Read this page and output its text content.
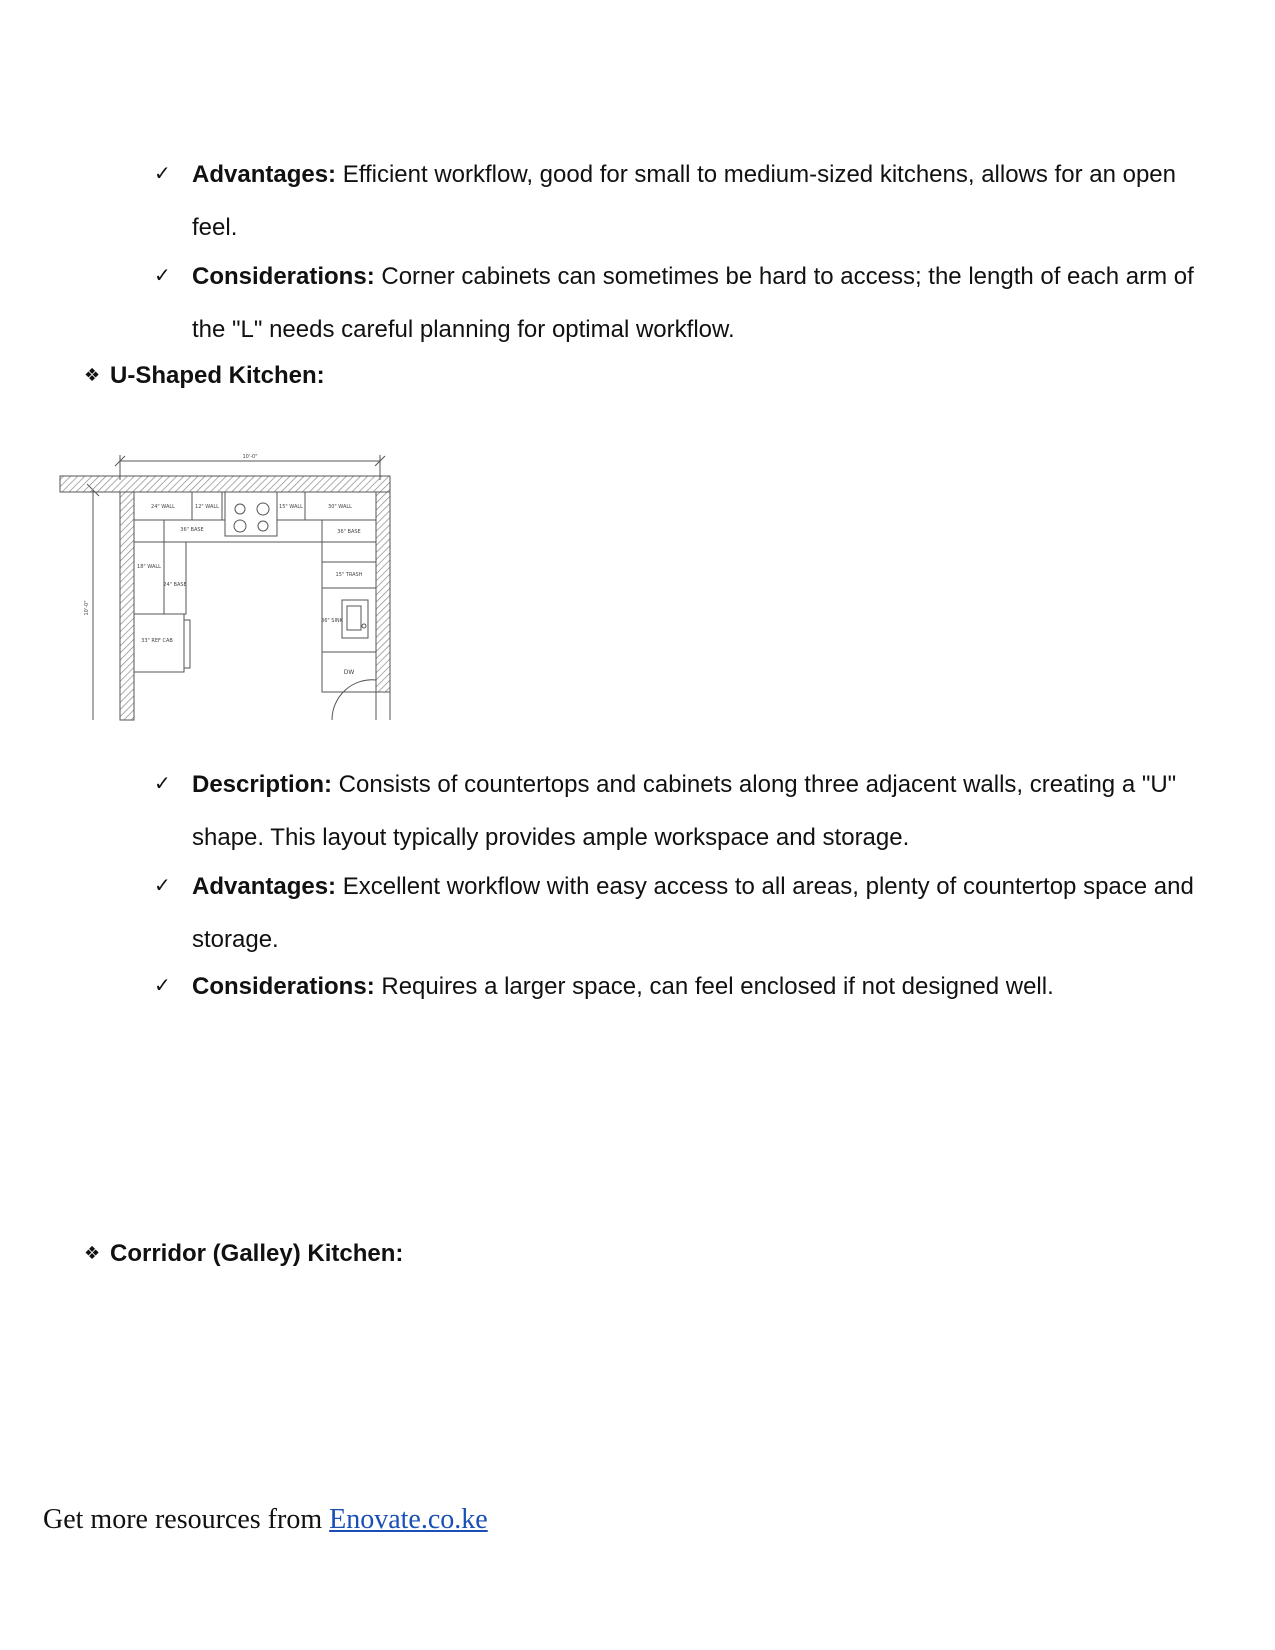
✓ Advantages: Efficient workflow, good for small to medium-sized kitchens, allows for an open feel.
✓ Considerations: Corner cabinets can sometimes be hard to access; the length of each arm of the "L" needs careful planning for optimal workflow.
❖ U-Shaped Kitchen:
10'-0"
10'-0"
24" WALL	12" WALL	15" WALL	30" WALL
36" BASE	36" BASE
18" WALL
24" BASE
33" REF CAB
15" TRASH
36" SINK
DW
✓ Description: Consists of countertops and cabinets along three adjacent walls, creating a "U" shape. This layout typically provides ample workspace and storage.
✓ Advantages: Excellent workflow with easy access to all areas, plenty of countertop space and storage.
✓ Considerations: Requires a larger space, can feel enclosed if not designed well.
❖ Corridor (Galley) Kitchen:
Get more resources from Enovate.co.ke
